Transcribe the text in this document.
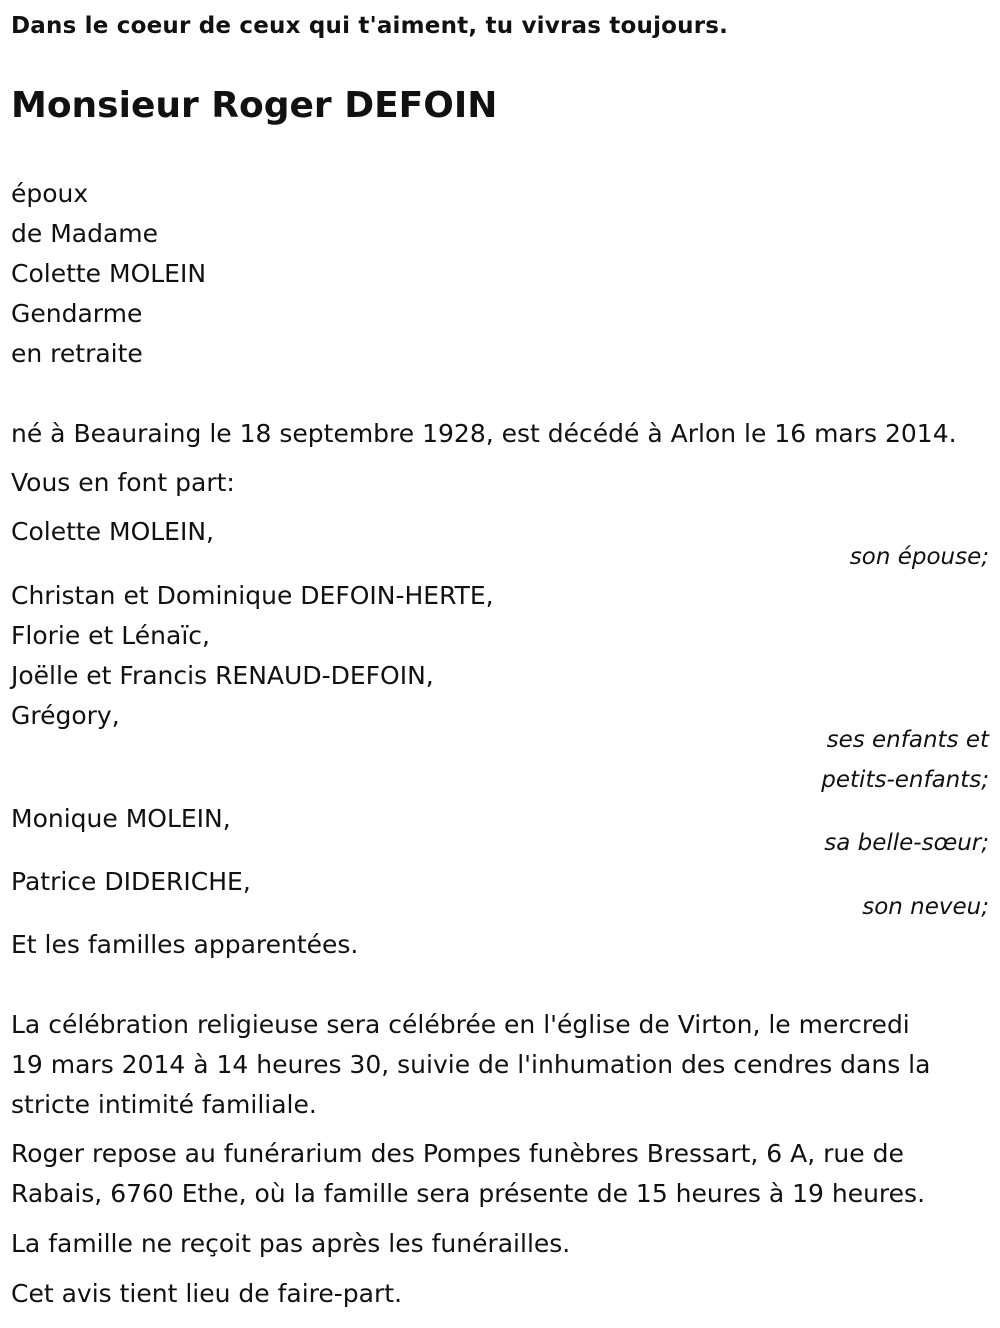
Dans le coeur de ceux qui t'aiment, tu vivras toujours.
Monsieur Roger DEFOIN
époux
de Madame
Colette MOLEIN
Gendarme
en retraite
né à Beauraing le 18 septembre 1928, est décédé à Arlon le 16 mars 2014.
Vous en font part:
Colette MOLEIN,
son épouse;
Christan et Dominique DEFOIN-HERTE,
Florie et Lénaïc,
Joëlle et Francis RENAUD-DEFOIN,
Grégory,
ses enfants et
petits-enfants;
Monique MOLEIN,
sa belle-sœur;
Patrice DIDERICHE,
son neveu;
Et les familles apparentées.
La célébration religieuse sera célébrée en l'église de Virton, le mercredi
19 mars 2014 à 14 heures 30, suivie de l'inhumation des cendres dans la
stricte intimité familiale.
Roger repose au funérarium des Pompes funèbres Bressart, 6 A, rue de
Rabais, 6760 Ethe, où la famille sera présente de 15 heures à 19 heures.
La famille ne reçoit pas après les funérailles.
Cet avis tient lieu de faire-part.
